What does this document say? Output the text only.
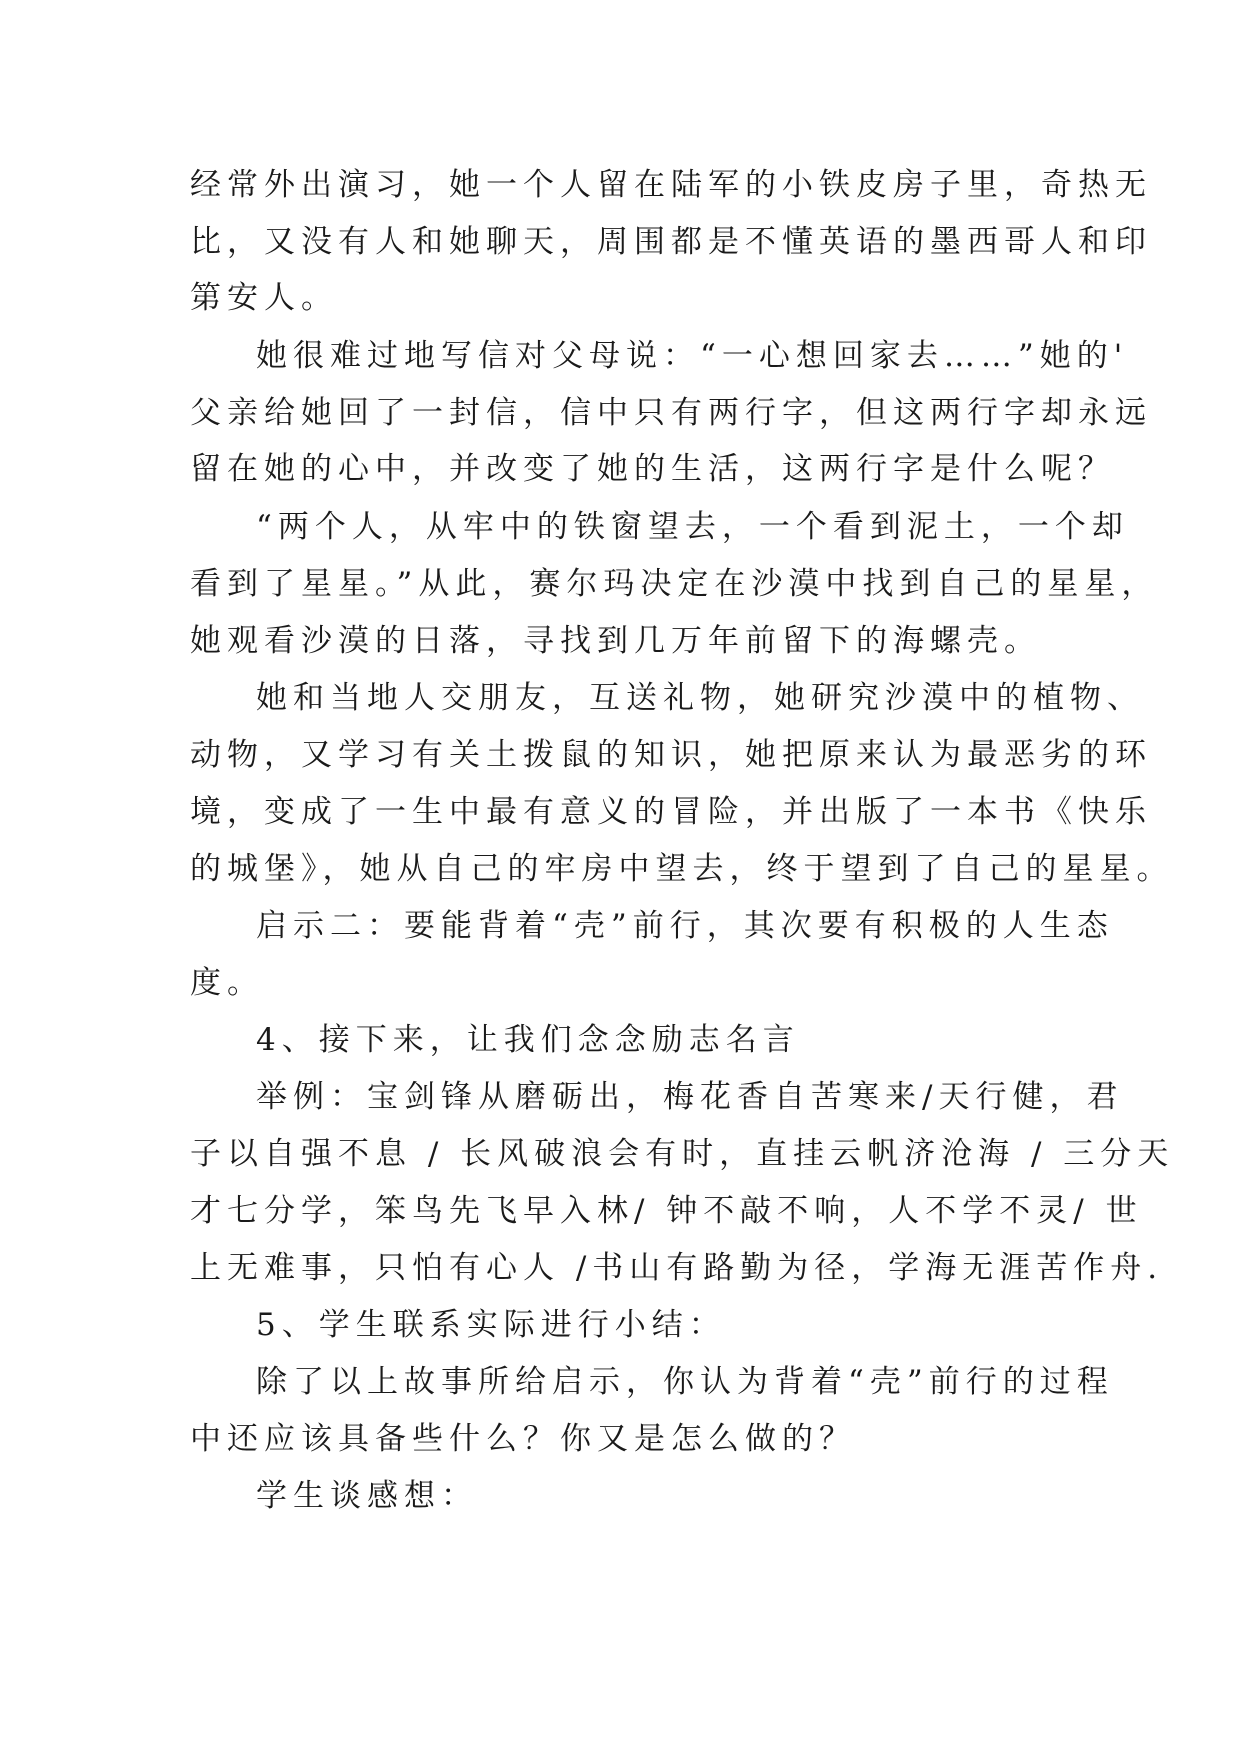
经常外出演习，她一个人留在陆军的小铁皮房子里，奇热无
比，又没有人和她聊天，周围都是不懂英语的墨西哥人和印
第安人。
她很难过地写信对父母说：“一心想回家去……”她的'
父亲给她回了一封信，信中只有两行字，但这两行字却永远
留在她的心中，并改变了她的生活，这两行字是什么呢？
“两个人，从牢中的铁窗望去，一个看到泥土，一个却
看到了星星。”从此，赛尔玛决定在沙漠中找到自己的星星，
她观看沙漠的日落，寻找到几万年前留下的海螺壳。
她和当地人交朋友，互送礼物，她研究沙漠中的植物、
动物，又学习有关土拨鼠的知识，她把原来认为最恶劣的环
境，变成了一生中最有意义的冒险，并出版了一本书《快乐
的城堡》，她从自己的牢房中望去，终于望到了自己的星星。
启示二：要能背着“壳”前行，其次要有积极的人生态
度。
4、接下来，让我们念念励志名言
举例：宝剑锋从磨砺出，梅花香自苦寒来/天行健，君
子以自强不息 / 长风破浪会有时，直挂云帆济沧海 / 三分天
才七分学，笨鸟先飞早入林/ 钟不敲不响，人不学不灵/ 世
上无难事，只怕有心人 /书山有路勤为径，学海无涯苦作舟.
5、学生联系实际进行小结：
除了以上故事所给启示，你认为背着“壳”前行的过程
中还应该具备些什么？你又是怎么做的？
学生谈感想：
